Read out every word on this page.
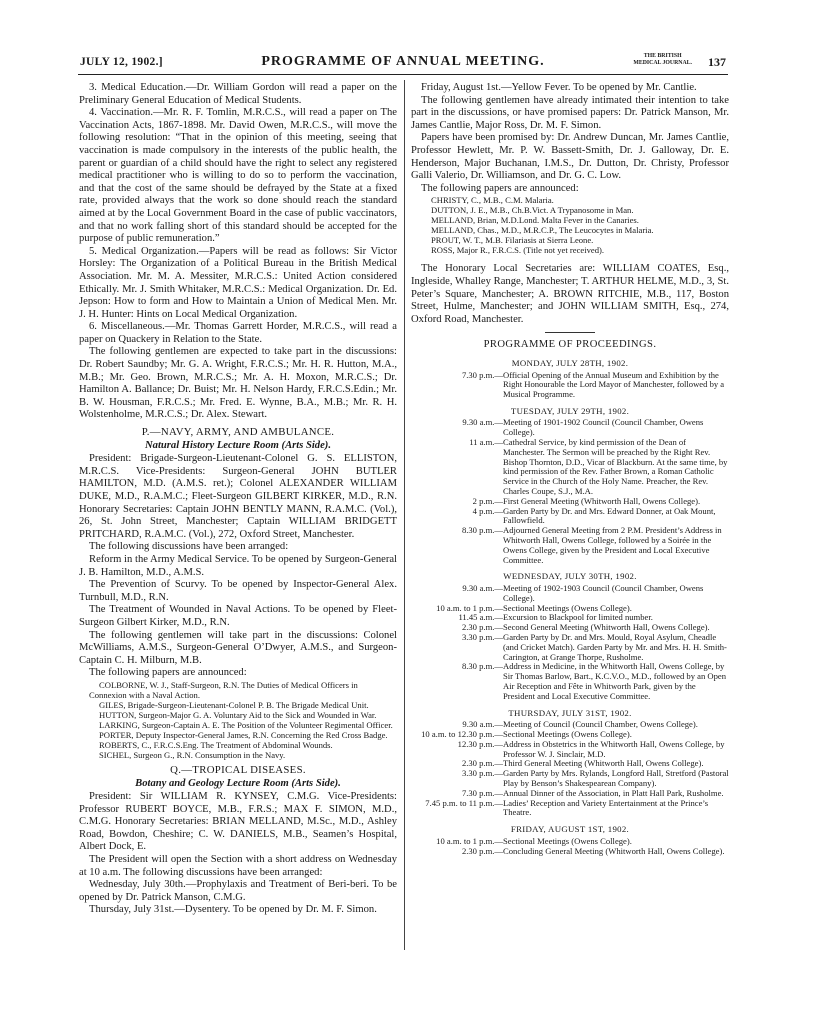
JULY 12, 1902.]	PROGRAMME OF ANNUAL MEETING.	THE BRITISH
MEDICAL JOURNAL. 137

3. Medical Education.—Dr. William Gordon will read a paper on the Preliminary General Education of Medical Students.

4. Vaccination.—Mr. R. F. Tomlin, M.R.C.S., will read a paper on The Vaccination Acts, 1867-1898. Mr. David Owen, M.R.C.S., will move the following resolution: “That in the opinion of this meeting, seeing that vaccination is made compulsory in the interests of the public health, the parent or guardian of a child should have the right to select any registered medical practitioner who is willing to do so to perform the vaccination, and that the cost of the same should be defrayed by the State at a fixed rate, provided always that the work so done should reach the standard aimed at by the Local Government Board in the case of public vaccinators, and that no work falling short of this standard should be accepted for the purpose of public remuneration.”

5. Medical Organization.—Papers will be read as follows: Sir Victor Horsley: The Organization of a Political Bureau in the British Medical Association. Mr. M. A. Messiter, M.R.C.S.: United Action considered Ethically. Mr. J. Smith Whitaker, M.R.C.S.: Medical Organization. Dr. Ed. Jepson: How to form and How to Maintain a Union of Medical Men. Mr. J. H. Hunter: Hints on Local Medical Organization.

6. Miscellaneous.—Mr. Thomas Garrett Horder, M.R.C.S., will read a paper on Quackery in Relation to the State.

The following gentlemen are expected to take part in the discussions: Dr. Robert Saundby; Mr. G. A. Wright, F.R.C.S.; Mr. H. R. Hutton, M.A., M.B.; Mr. Geo. Brown, M.R.C.S.; Mr. A. H. Moxon, M.R.C.S.; Dr. Hamilton A. Ballance; Dr. Buist; Mr. H. Nelson Hardy, F.R.C.S.Edin.; Mr. B. W. Housman, F.R.C.S.; Mr. Fred. E. Wynne, B.A., M.B.; Mr. R. H. Wolstenholme, M.R.C.S.; Dr. Alex. Stewart.

P.—NAVY, ARMY, AND AMBULANCE.
Natural History Lecture Room (Arts Side).

President: Brigade-Surgeon-Lieutenant-Colonel G. S. ELLISTON, M.R.C.S. Vice-Presidents: Surgeon-General JOHN BUTLER HAMILTON, M.D. (A.M.S. ret.); Colonel ALEXANDER WILLIAM DUKE, M.D., R.A.M.C.; Fleet-Surgeon GILBERT KIRKER, M.D., R.N. Honorary Secretaries: Captain JOHN BENTLY MANN, R.A.M.C. (Vol.), 26, St. John Street, Manchester; Captain WILLIAM BRIDGETT PRITCHARD, R.A.M.C. (Vol.), 272, Oxford Street, Manchester.

The following discussions have been arranged:

Reform in the Army Medical Service. To be opened by Surgeon-General J. B. Hamilton, M.D., A.M.S.

The Prevention of Scurvy. To be opened by Inspector-General Alex. Turnbull, M.D., R.N.

The Treatment of Wounded in Naval Actions. To be opened by Fleet-Surgeon Gilbert Kirker, M.D., R.N.

The following gentlemen will take part in the discussions: Colonel McWilliams, A.M.S., Surgeon-General O’Dwyer, A.M.S., and Surgeon-Captain C. H. Milburn, M.B.

The following papers are announced:

COLBORNE, W. J., Staff-Surgeon, R.N. The Duties of Medical Officers in Connexion with a Naval Action.

GILES, Brigade-Surgeon-Lieutenant-Colonel P. B. The Brigade Medical Unit.

HUTTON, Surgeon-Major G. A. Voluntary Aid to the Sick and Wounded in War.

LARKING, Surgeon-Captain A. E. The Position of the Volunteer Regimental Officer.

PORTER, Deputy Inspector-General James, R.N. Concerning the Red Cross Badge.

ROBERTS, C., F.R.C.S.Eng. The Treatment of Abdominal Wounds.

SICHEL, Surgeon G., R.N. Consumption in the Navy.

Q.—TROPICAL DISEASES.
Botany and Geology Lecture Room (Arts Side).

President: Sir WILLIAM R. KYNSEY, C.M.G. Vice-Presidents: Professor RUBERT BOYCE, M.B., F.R.S.; MAX F. SIMON, M.D., C.M.G. Honorary Secretaries: BRIAN MELLAND, M.Sc., M.D., Ashley Road, Bowdon, Cheshire; C. W. DANIELS, M.B., Seamen’s Hospital, Albert Dock, E.

The President will open the Section with a short address on Wednesday at 10 a.m. The following discussions have been arranged:

Wednesday, July 30th.—Prophylaxis and Treatment of Beri-beri. To be opened by Dr. Patrick Manson, C.M.G.

Thursday, July 31st.—Dysentery. To be opened by Dr. M. F. Simon.

Friday, August 1st.—Yellow Fever. To be opened by Mr. Cantlie.

The following gentlemen have already intimated their intention to take part in the discussions, or have promised papers: Dr. Patrick Manson, Mr. James Cantlie, Major Ross, Dr. M. F. Simon.

Papers have been promised by: Dr. Andrew Duncan, Mr. James Cantlie, Professor Hewlett, Mr. P. W. Bassett-Smith, Dr. J. Galloway, Dr. E. Henderson, Major Buchanan, I.M.S., Dr. Dutton, Dr. Christy, Professor Galli Valerio, Dr. Williamson, and Dr. G. C. Low.

The following papers are announced:

CHRISTY, C., M.B., C.M. Malaria.

DUTTON, J. E., M.B., Ch.B.Vict. A Trypanosome in Man.

MELLAND, Brian, M.D.Lond. Malta Fever in the Canaries.

MELLAND, Chas., M.D., M.R.C.P., The Leucocytes in Malaria.

PROUT, W. T., M.B. Filariasis at Sierra Leone.

ROSS, Major R., F.R.C.S. (Title not yet received).

The Honorary Local Secretaries are: WILLIAM COATES, Esq., Ingleside, Whalley Range, Manchester; T. ARTHUR HELME, M.D., 3, St. Peter’s Square, Manchester; A. BROWN RITCHIE, M.B., 117, Boston Street, Hulme, Manchester; and JOHN WILLIAM SMITH, Esq., 274, Oxford Road, Manchester.

PROGRAMME OF PROCEEDINGS.
MONDAY, JULY 28TH, 1902.
7.30 p.m.— Official Opening of the Annual Museum and Exhibition by the Right Honourable the Lord Mayor of Manchester, followed by a Musical Programme.
TUESDAY, JULY 29TH, 1902.
9.30 a.m.— Meeting of 1901-1902 Council (Council Chamber, Owens College).
11 a.m.— Cathedral Service, by kind permission of the Dean of Manchester. The Sermon will be preached by the Right Rev. Bishop Thornton, D.D., Vicar of Blackburn. At the same time, by kind permission of the Rev. Father Brown, a Roman Catholic Service in the Church of the Holy Name. Preacher, the Rev. Charles Coupe, S.J., M.A.
2 p.m.— First General Meeting (Whitworth Hall, Owens College).
4 p.m.— Garden Party by Dr. and Mrs. Edward Donner, at Oak Mount, Fallowfield.
8.30 p.m.— Adjourned General Meeting from 2 P.M. President’s Address in Whitworth Hall, Owens College, followed by a Soirée in the Owens College, given by the President and Local Executive Committee.
WEDNESDAY, JULY 30TH, 1902.
9.30 a.m.— Meeting of 1902-1903 Council (Council Chamber, Owens College).
10 a.m. to 1 p.m.— Sectional Meetings (Owens College).
11.45 a.m.— Excursion to Blackpool for limited number.
2.30 p.m.— Second General Meeting (Whitworth Hall, Owens College).
3.30 p.m.— Garden Party by Dr. and Mrs. Mould, Royal Asylum, Cheadle (and Cricket Match). Garden Party by Mr. and Mrs. H. H. Smith-Carington, at Grange Thorpe, Rusholme.
8.30 p.m.— Address in Medicine, in the Whitworth Hall, Owens College, by Sir Thomas Barlow, Bart., K.C.V.O., M.D., followed by an Open Air Reception and Fête in Whitworth Park, given by the President and Local Executive Committee.
THURSDAY, JULY 31ST, 1902.
9.30 a.m.— Meeting of Council (Council Chamber, Owens College).
10 a.m. to 12.30 p.m.— Sectional Meetings (Owens College).
12.30 p.m.— Address in Obstetrics in the Whitworth Hall, Owens College, by Professor W. J. Sinclair, M.D.
2.30 p.m.— Third General Meeting (Whitworth Hall, Owens College).
3.30 p.m.— Garden Party by Mrs. Rylands, Longford Hall, Stretford (Pastoral Play by Benson’s Shakespearean Company).
7.30 p.m.— Annual Dinner of the Association, in Platt Hall Park, Rusholme.
7.45 p.m. to 11 p.m.— Ladies’ Reception and Variety Entertainment at the Prince’s Theatre.
FRIDAY, AUGUST 1ST, 1902.
10 a.m. to 1 p.m.— Sectional Meetings (Owens College).
2.30 p.m.— Concluding General Meeting (Whitworth Hall, Owens College).
